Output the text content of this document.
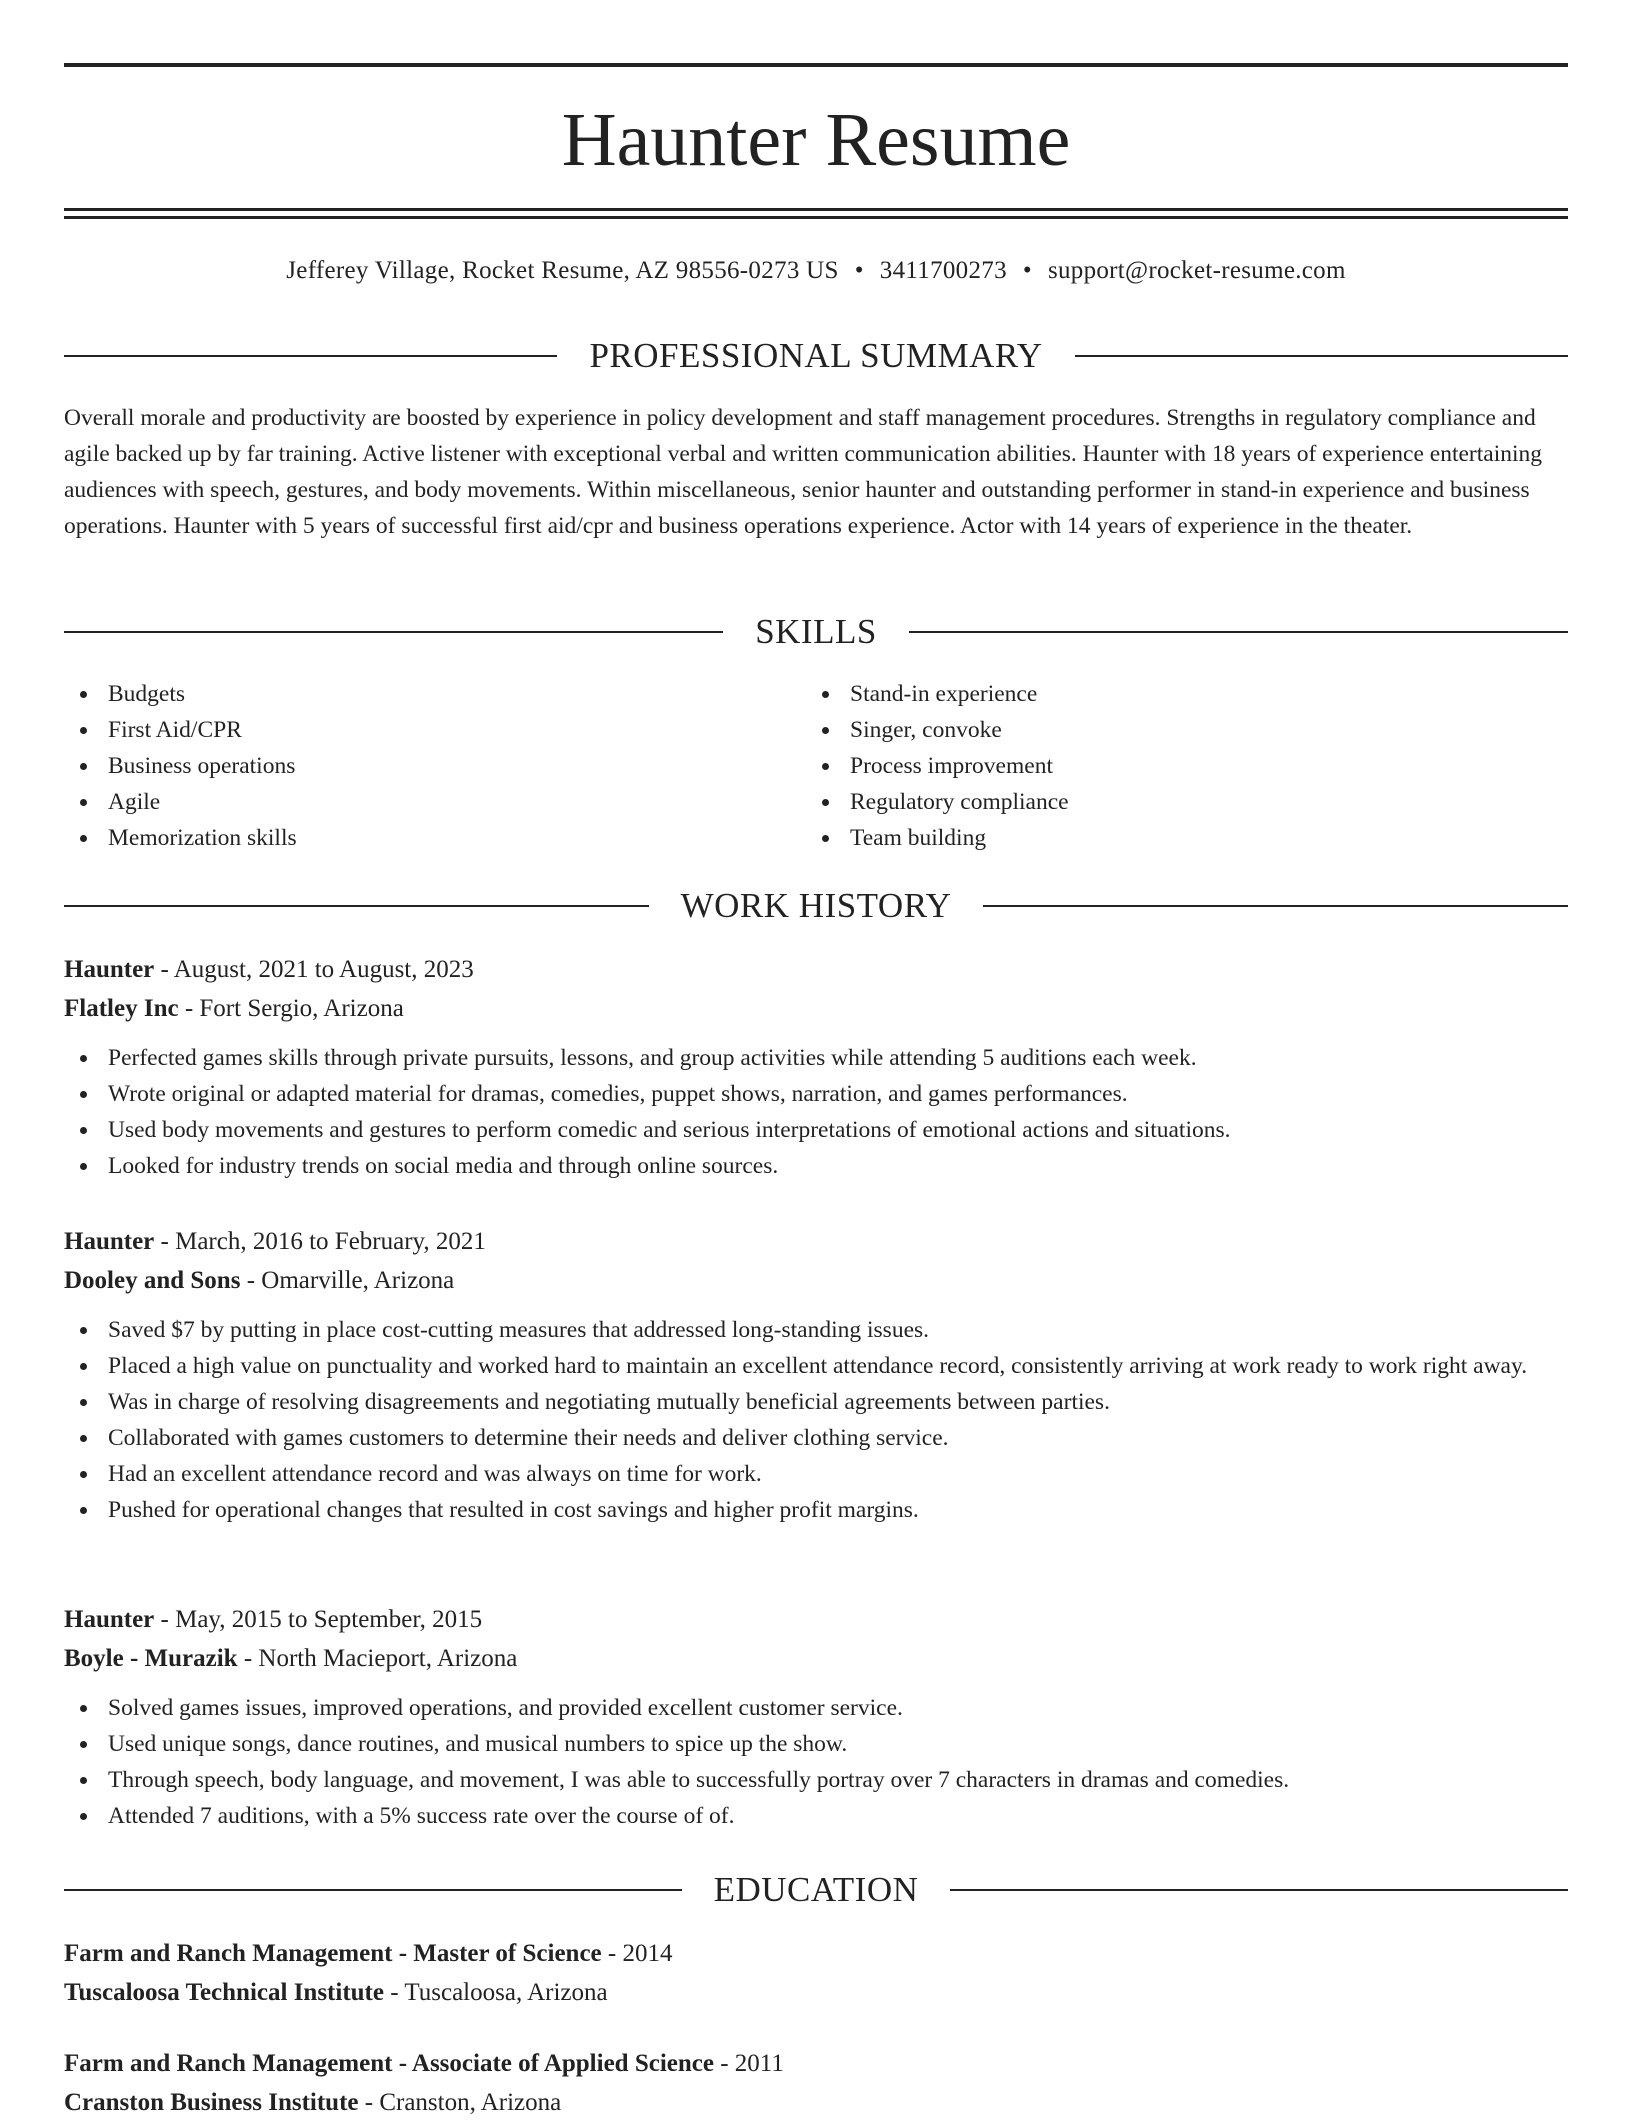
Haunter Resume
Jefferey Village, Rocket Resume, AZ 98556-0273 US • 3411700273 • support@rocket-resume.com
PROFESSIONAL SUMMARY

Overall morale and productivity are boosted by experience in policy development and staff management procedures. Strengths in regulatory compliance and agile backed up by far training. Active listener with exceptional verbal and written communication abilities. Haunter with 18 years of experience entertaining audiences with speech, gestures, and body movements. Within miscellaneous, senior haunter and outstanding performer in stand-in experience and business operations. Haunter with 5 years of successful first aid/cpr and business operations experience. Actor with 14 years of experience in the theater.

SKILLS
Budgets
First Aid/CPR
Business operations
Agile
Memorization skills
Stand-in experience
Singer, convoke
Process improvement
Regulatory compliance
Team building
WORK HISTORY
Haunter - August, 2021 to August, 2023
Flatley Inc - Fort Sergio, Arizona
Perfected games skills through private pursuits, lessons, and group activities while attending 5 auditions each week.
Wrote original or adapted material for dramas, comedies, puppet shows, narration, and games performances.
Used body movements and gestures to perform comedic and serious interpretations of emotional actions and situations.
Looked for industry trends on social media and through online sources.
Haunter - March, 2016 to February, 2021
Dooley and Sons - Omarville, Arizona
Saved $7 by putting in place cost-cutting measures that addressed long-standing issues.
Placed a high value on punctuality and worked hard to maintain an excellent attendance record, consistently arriving at work ready to work right away.
Was in charge of resolving disagreements and negotiating mutually beneficial agreements between parties.
Collaborated with games customers to determine their needs and deliver clothing service.
Had an excellent attendance record and was always on time for work.
Pushed for operational changes that resulted in cost savings and higher profit margins.
Haunter - May, 2015 to September, 2015
Boyle - Murazik - North Macieport, Arizona
Solved games issues, improved operations, and provided excellent customer service.
Used unique songs, dance routines, and musical numbers to spice up the show.
Through speech, body language, and movement, I was able to successfully portray over 7 characters in dramas and comedies.
Attended 7 auditions, with a 5% success rate over the course of of.
EDUCATION
Farm and Ranch Management - Master of Science - 2014
Tuscaloosa Technical Institute - Tuscaloosa, Arizona
Farm and Ranch Management - Associate of Applied Science - 2011
Cranston Business Institute - Cranston, Arizona
